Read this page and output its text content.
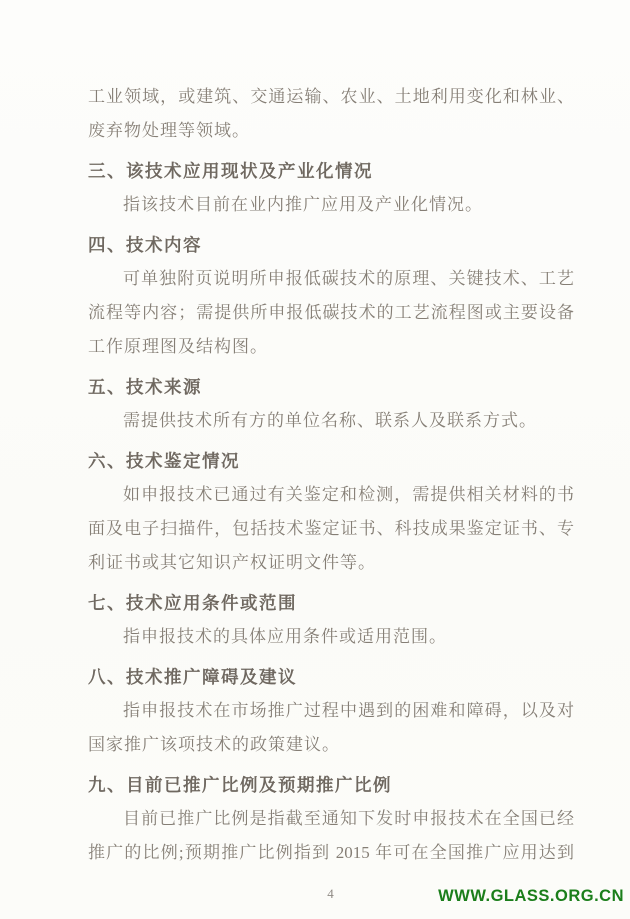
工业领域，或建筑、交通运输、农业、土地利用变化和林业、
废弃物处理等领域。
三、该技术应用现状及产业化情况
指该技术目前在业内推广应用及产业化情况。
四、技术内容
可单独附页说明所申报低碳技术的原理、关键技术、工艺
流程等内容；需提供所申报低碳技术的工艺流程图或主要设备
工作原理图及结构图。
五、技术来源
需提供技术所有方的单位名称、联系人及联系方式。
六、技术鉴定情况
如申报技术已通过有关鉴定和检测，需提供相关材料的书
面及电子扫描件，包括技术鉴定证书、科技成果鉴定证书、专
利证书或其它知识产权证明文件等。
七、技术应用条件或范围
指申报技术的具体应用条件或适用范围。
八、技术推广障碍及建议
指申报技术在市场推广过程中遇到的困难和障碍，以及对
国家推广该项技术的政策建议。
九、目前已推广比例及预期推广比例
目前已推广比例是指截至通知下发时申报技术在全国已经
推广的比例;预期推广比例指到 2015 年可在全国推广应用达到
4	WWW.GLASS.ORG.CN
